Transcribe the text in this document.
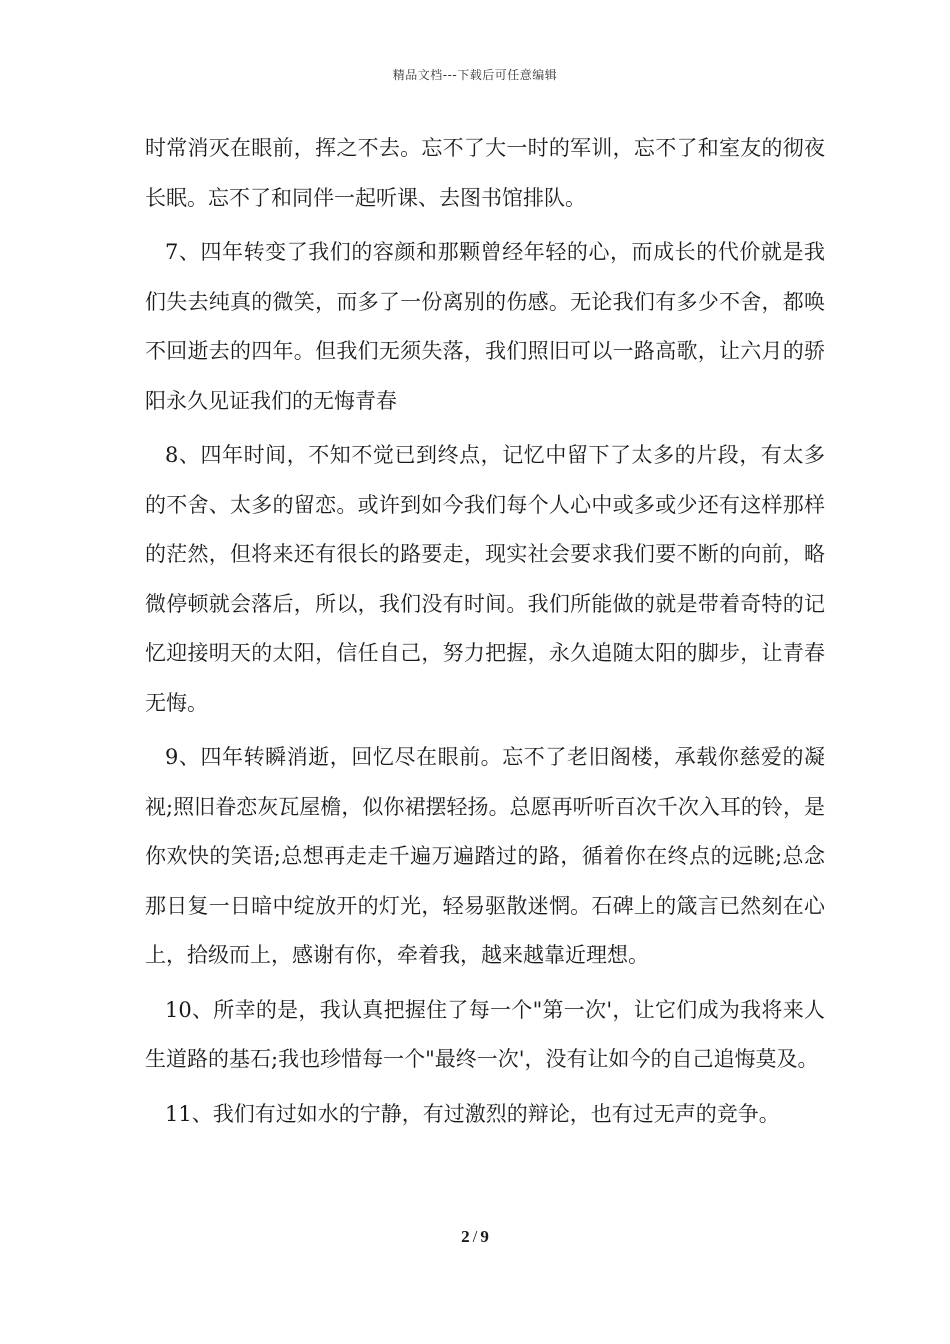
精品文档---下载后可任意编辑

时常消灭在眼前，挥之不去。忘不了大一时的军训，忘不了和室友的彻夜长眠。忘不了和同伴一起听课、去图书馆排队。

7、四年转变了我们的容颜和那颗曾经年轻的心，而成长的代价就是我们失去纯真的微笑，而多了一份离别的伤感。无论我们有多少不舍，都唤不回逝去的四年。但我们无须失落，我们照旧可以一路高歌，让六月的骄阳永久见证我们的无悔青春

8、四年时间，不知不觉已到终点，记忆中留下了太多的片段，有太多的不舍、太多的留恋。或许到如今我们每个人心中或多或少还有这样那样的茫然，但将来还有很长的路要走，现实社会要求我们要不断的向前，略微停顿就会落后，所以，我们没有时间。我们所能做的就是带着奇特的记忆迎接明天的太阳，信任自己，努力把握，永久追随太阳的脚步，让青春无悔。

9、四年转瞬消逝，回忆尽在眼前。忘不了老旧阁楼，承载你慈爱的凝视;照旧眷恋灰瓦屋檐，似你裙摆轻扬。总愿再听听百次千次入耳的铃，是你欢快的笑语;总想再走走千遍万遍踏过的路，循着你在终点的远眺;总念那日复一日暗中绽放开的灯光，轻易驱散迷惘。石碑上的箴言已然刻在心上，拾级而上，感谢有你，牵着我，越来越靠近理想。

10、所幸的是，我认真把握住了每一个"第一次'，让它们成为我将来人生道路的基石;我也珍惜每一个"最终一次'，没有让如今的自己追悔莫及。

11、我们有过如水的宁静，有过激烈的辩论，也有过无声的竞争。

2 / 9
